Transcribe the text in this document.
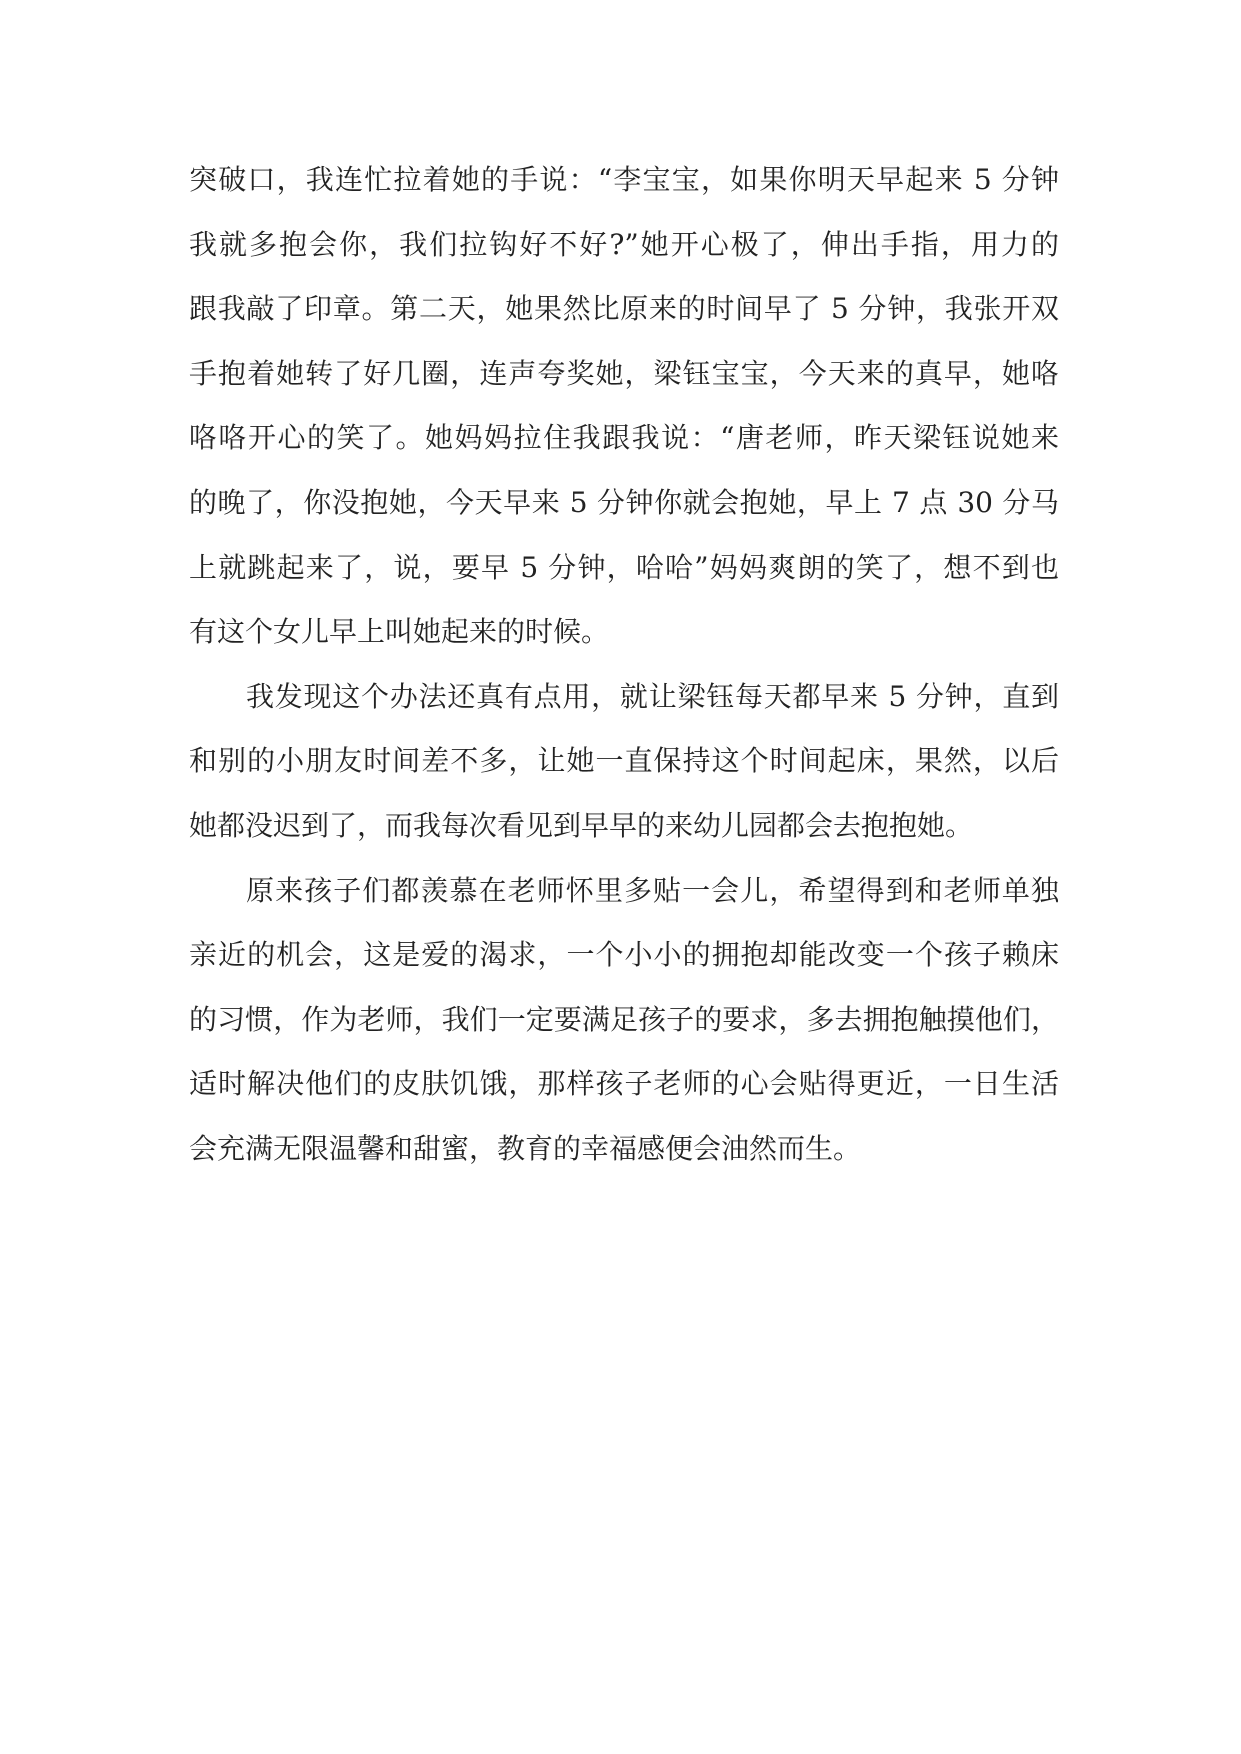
突破口，我连忙拉着她的手说：“李宝宝，如果你明天早起来 5 分钟
我就多抱会你，我们拉钩好不好?”她开心极了，伸出手指，用力的
跟我敲了印章。第二天，她果然比原来的时间早了 5 分钟，我张开双
手抱着她转了好几圈，连声夸奖她，梁钰宝宝，今天来的真早，她咯
咯咯开心的笑了。她妈妈拉住我跟我说：“唐老师，昨天梁钰说她来
的晚了，你没抱她，今天早来 5 分钟你就会抱她，早上 7 点 30 分马
上就跳起来了，说，要早 5 分钟，哈哈”妈妈爽朗的笑了，想不到也
有这个女儿早上叫她起来的时候。
我发现这个办法还真有点用，就让梁钰每天都早来 5 分钟，直到
和别的小朋友时间差不多，让她一直保持这个时间起床，果然，以后
她都没迟到了，而我每次看见到早早的来幼儿园都会去抱抱她。
原来孩子们都羡慕在老师怀里多贴一会儿，希望得到和老师单独
亲近的机会，这是爱的渴求，一个小小的拥抱却能改变一个孩子赖床
的习惯，作为老师，我们一定要满足孩子的要求，多去拥抱触摸他们，
适时解决他们的皮肤饥饿，那样孩子老师的心会贴得更近，一日生活
会充满无限温馨和甜蜜，教育的幸福感便会油然而生。
